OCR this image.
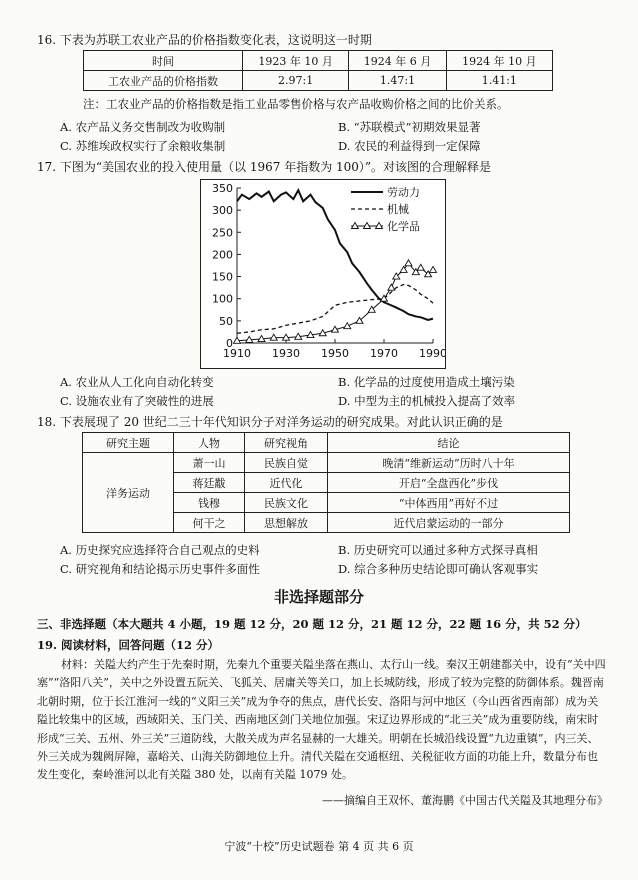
16. 下表为苏联工农业产品的价格指数变化表，这说明这一时期
时间	1923 年 10 月	1924 年 6 月	1924 年 10 月
工农业产品的价格指数	2.97:1	1.47:1	1.41:1
注：工农业产品的价格指数是指工业品零售价格与农产品收购价格之间的比价关系。
A. 农产品义务交售制改为收购制	B. “苏联模式”初期效果显著
C. 苏维埃政权实行了余粮收集制	D. 农民的利益得到一定保障
17. 下图为“美国农业的投入使用量（以 1967 年指数为 100）”。对该图的合理解释是
0
50
100
150
200
250
300
350
1910 1930 1950 1970 1990
劳动力
机械
化学品
A. 农业从人工化向自动化转变	B. 化学品的过度使用造成土壤污染
C. 设施农业有了突破性的进展	D. 中型为主的机械投入提高了效率
18. 下表展现了 20 世纪二三十年代知识分子对洋务运动的研究成果。对此认识正确的是
研究主题	人物	研究视角	结论
洋务运动	萧一山	民族自觉	晚清“维新运动”历时八十年
	蒋廷黻	近代化	开启“全盘西化”步伐
	钱穆	民族文化	“中体西用”再好不过
	何干之	思想解放	近代启蒙运动的一部分
A. 历史探究应选择符合自己观点的史料	B. 历史研究可以通过多种方式探寻真相
C. 研究视角和结论揭示历史事件多面性	D. 综合多种历史结论即可确认客观事实
非选择题部分
三、非选择题（本大题共 4 小题，19 题 12 分，20 题 12 分，21 题 12 分，22 题 16 分，共 52 分）
19. 阅读材料，回答问题（12 分）
材料：关隘大约产生于先秦时期，先秦九个重要关隘坐落在燕山、太行山一线。秦汉王朝建都关中，设有“关中四塞”“洛阳八关”，关中之外设置五阮关、飞狐关、居庸关等关口，加上长城防线，形成了较为完整的防御体系。魏晋南北朝时期，位于长江淮河一线的“义阳三关”成为争夺的焦点，唐代长安、洛阳与河中地区（今山西省西南部）成为关隘比较集中的区域，西域阳关、玉门关、西南地区剑门关地位加强。宋辽边界形成的“北三关”成为重要防线，南宋时形成“三关、五州、外三关”三道防线，大散关成为声名显赫的一大雄关。明朝在长城沿线设置“九边重镇”，内三关、外三关成为魏阙屏障，嘉峪关、山海关防御地位上升。清代关隘在交通枢纽、关税征收方面的功能上升，数量分布也发生变化，秦岭淮河以北有关隘 380 处，以南有关隘 1079 处。
——摘编自王双怀、董海鹏《中国古代关隘及其地理分布》
宁波“十校”历史试题卷 第 4 页 共 6 页
